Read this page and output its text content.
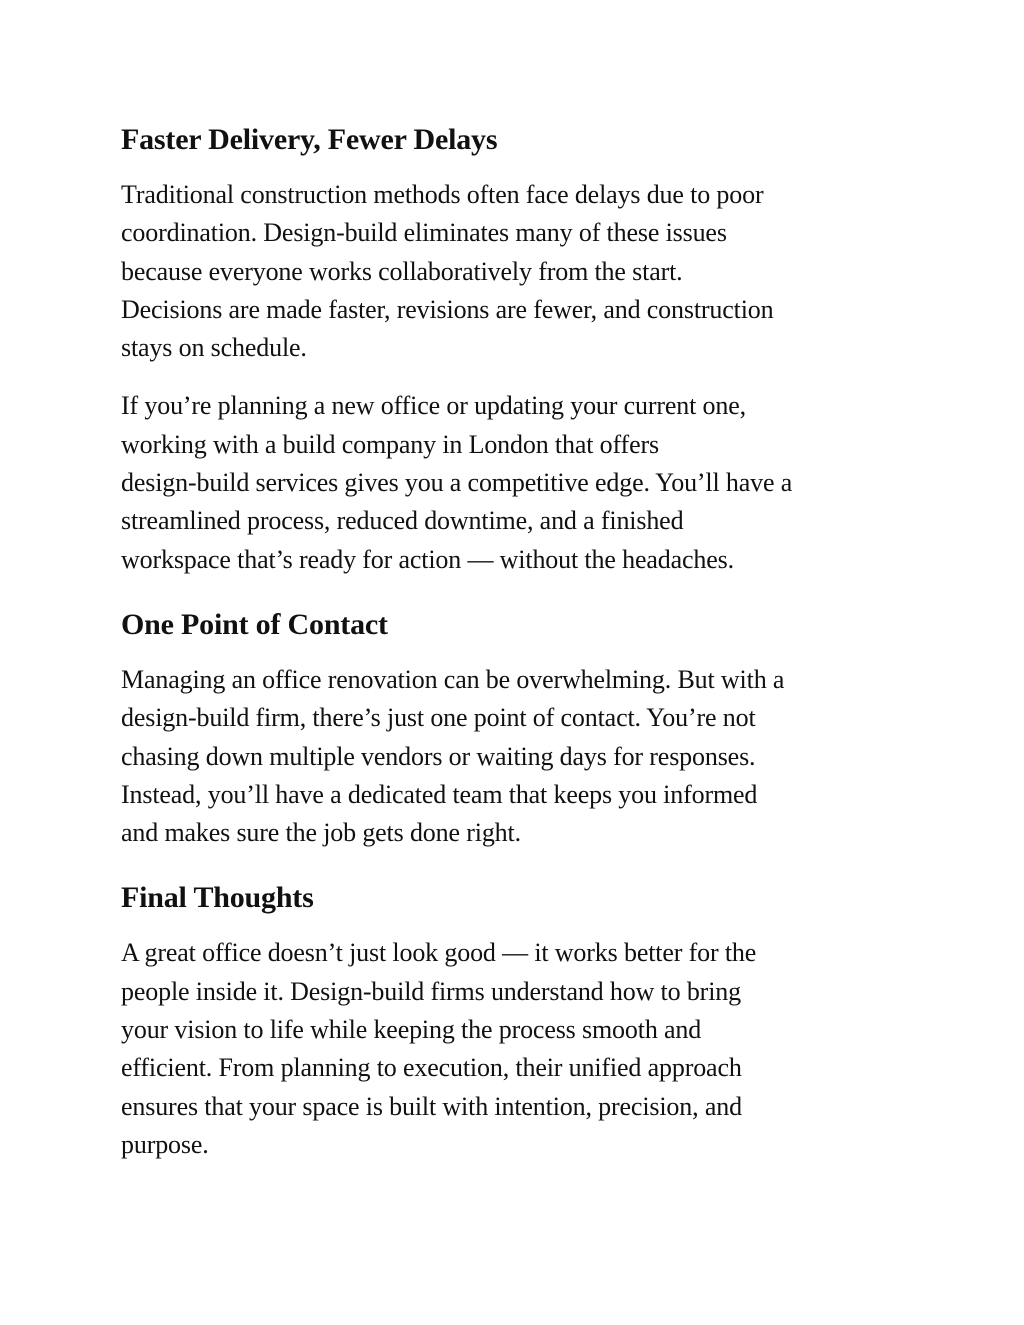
Faster Delivery, Fewer Delays

Traditional construction methods often face delays due to poor
coordination. Design-build eliminates many of these issues
because everyone works collaboratively from the start.
Decisions are made faster, revisions are fewer, and construction
stays on schedule.

If you’re planning a new office or updating your current one,
working with a build company in London that offers
design-build services gives you a competitive edge. You’ll have a
streamlined process, reduced downtime, and a finished
workspace that’s ready for action — without the headaches.

One Point of Contact

Managing an office renovation can be overwhelming. But with a
design-build firm, there’s just one point of contact. You’re not
chasing down multiple vendors or waiting days for responses.
Instead, you’ll have a dedicated team that keeps you informed
and makes sure the job gets done right.

Final Thoughts

A great office doesn’t just look good — it works better for the
people inside it. Design-build firms understand how to bring
your vision to life while keeping the process smooth and
efficient. From planning to execution, their unified approach
ensures that your space is built with intention, precision, and
purpose.
